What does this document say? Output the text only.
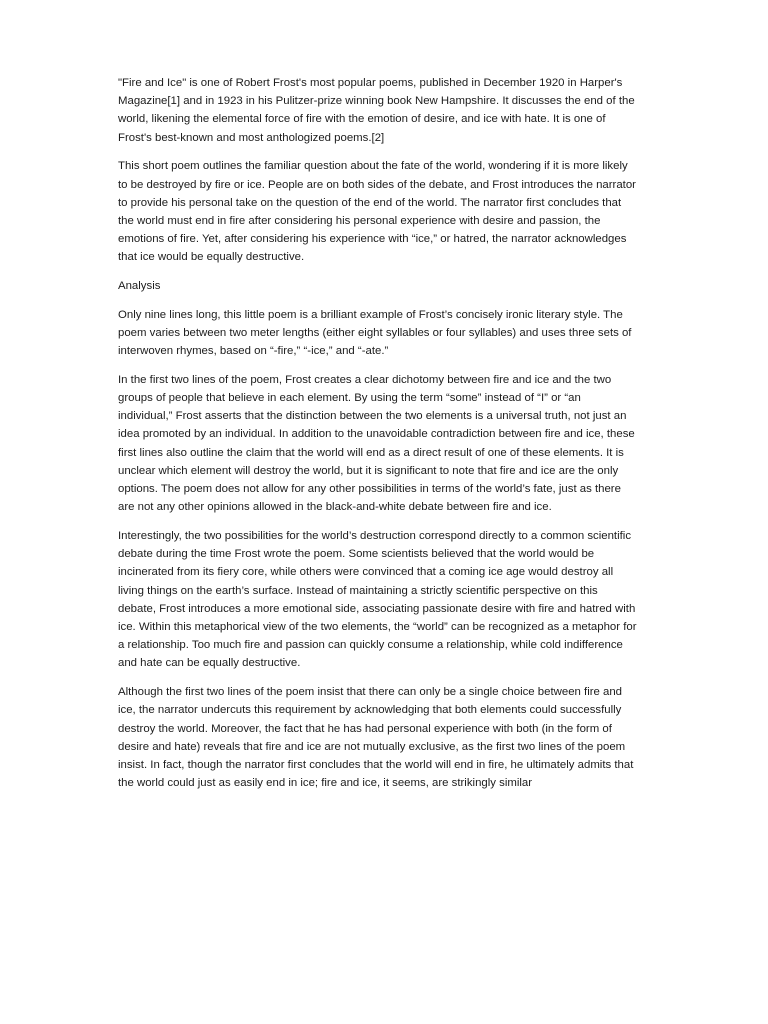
"Fire and Ice" is one of Robert Frost's most popular poems, published in December 1920 in Harper's Magazine[1] and in 1923 in his Pulitzer-prize winning book New Hampshire. It discusses the end of the world, likening the elemental force of fire with the emotion of desire, and ice with hate. It is one of Frost's best-known and most anthologized poems.[2]

This short poem outlines the familiar question about the fate of the world, wondering if it is more likely to be destroyed by fire or ice. People are on both sides of the debate, and Frost introduces the narrator to provide his personal take on the question of the end of the world. The narrator first concludes that the world must end in fire after considering his personal experience with desire and passion, the emotions of fire. Yet, after considering his experience with “ice,” or hatred, the narrator acknowledges that ice would be equally destructive.

Analysis

Only nine lines long, this little poem is a brilliant example of Frost’s concisely ironic literary style. The poem varies between two meter lengths (either eight syllables or four syllables) and uses three sets of interwoven rhymes, based on “-fire,” “-ice,” and “-ate.”

In the first two lines of the poem, Frost creates a clear dichotomy between fire and ice and the two groups of people that believe in each element. By using the term “some” instead of “I” or “an individual,” Frost asserts that the distinction between the two elements is a universal truth, not just an idea promoted by an individual. In addition to the unavoidable contradiction between fire and ice, these first lines also outline the claim that the world will end as a direct result of one of these elements. It is unclear which element will destroy the world, but it is significant to note that fire and ice are the only options. The poem does not allow for any other possibilities in terms of the world’s fate, just as there are not any other opinions allowed in the black-and-white debate between fire and ice.

Interestingly, the two possibilities for the world’s destruction correspond directly to a common scientific debate during the time Frost wrote the poem. Some scientists believed that the world would be incinerated from its fiery core, while others were convinced that a coming ice age would destroy all living things on the earth’s surface. Instead of maintaining a strictly scientific perspective on this debate, Frost introduces a more emotional side, associating passionate desire with fire and hatred with ice. Within this metaphorical view of the two elements, the “world” can be recognized as a metaphor for a relationship. Too much fire and passion can quickly consume a relationship, while cold indifference and hate can be equally destructive.

Although the first two lines of the poem insist that there can only be a single choice between fire and ice, the narrator undercuts this requirement by acknowledging that both elements could successfully destroy the world. Moreover, the fact that he has had personal experience with both (in the form of desire and hate) reveals that fire and ice are not mutually exclusive, as the first two lines of the poem insist. In fact, though the narrator first concludes that the world will end in fire, he ultimately admits that the world could just as easily end in ice; fire and ice, it seems, are strikingly similar
